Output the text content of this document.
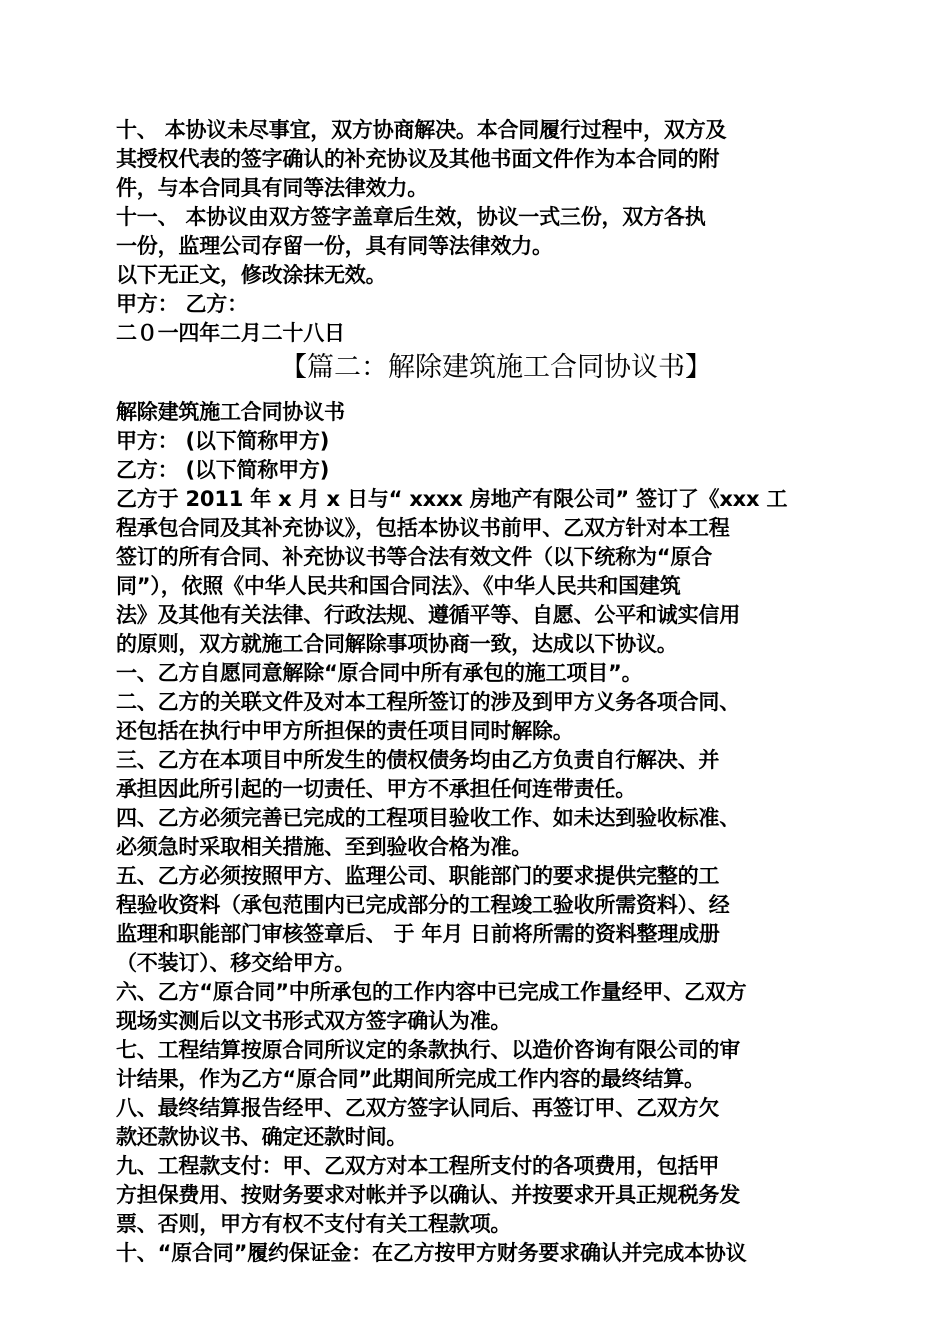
十、 本协议未尽事宜，双方协商解决。本合同履行过程中，双方及
其授权代表的签字确认的补充协议及其他书面文件作为本合同的附
件，与本合同具有同等法律效力。
十一、 本协议由双方签字盖章后生效，协议一式三份，双方各执
一份，监理公司存留一份，具有同等法律效力。
以下无正文，修改涂抹无效。
甲方： 乙方：
二０一四年二月二十八日
【篇二：解除建筑施工合同协议书】
解除建筑施工合同协议书
甲方： (以下简称甲方)
乙方： (以下简称甲方)
乙方于 2011 年 x 月 x 日与“ xxxx 房地产有限公司” 签订了《xxx 工
程承包合同及其补充协议》，包括本协议书前甲、乙双方针对本工程
签订的所有合同、补充协议书等合法有效文件（以下统称为“原合
同”），依照《中华人民共和国合同法》、《中华人民共和国建筑
法》及其他有关法律、行政法规、遵循平等、自愿、公平和诚实信用
的原则，双方就施工合同解除事项协商一致，达成以下协议。
一、乙方自愿同意解除“原合同中所有承包的施工项目”。
二、乙方的关联文件及对本工程所签订的涉及到甲方义务各项合同、
还包括在执行中甲方所担保的责任项目同时解除。
三、乙方在本项目中所发生的债权债务均由乙方负责自行解决、并
承担因此所引起的一切责任、甲方不承担任何连带责任。
四、乙方必须完善已完成的工程项目验收工作、如未达到验收标准、
必须急时采取相关措施、至到验收合格为准。
五、乙方必须按照甲方、监理公司、职能部门的要求提供完整的工
程验收资料（承包范围内已完成部分的工程竣工验收所需资料）、经
监理和职能部门审核签章后、 于 年月 日前将所需的资料整理成册
（不装订）、移交给甲方。
六、乙方“原合同”中所承包的工作内容中已完成工作量经甲、乙双方
现场实测后以文书形式双方签字确认为准。
七、工程结算按原合同所议定的条款执行、以造价咨询有限公司的审
计结果，作为乙方“原合同”此期间所完成工作内容的最终结算。
八、最终结算报告经甲、乙双方签字认同后、再签订甲、乙双方欠
款还款协议书、确定还款时间。
九、工程款支付：甲、乙双方对本工程所支付的各项费用，包括甲
方担保费用、按财务要求对帐并予以确认、并按要求开具正规税务发
票、否则，甲方有权不支付有关工程款项。
十、“原合同”履约保证金：在乙方按甲方财务要求确认并完成本协议
